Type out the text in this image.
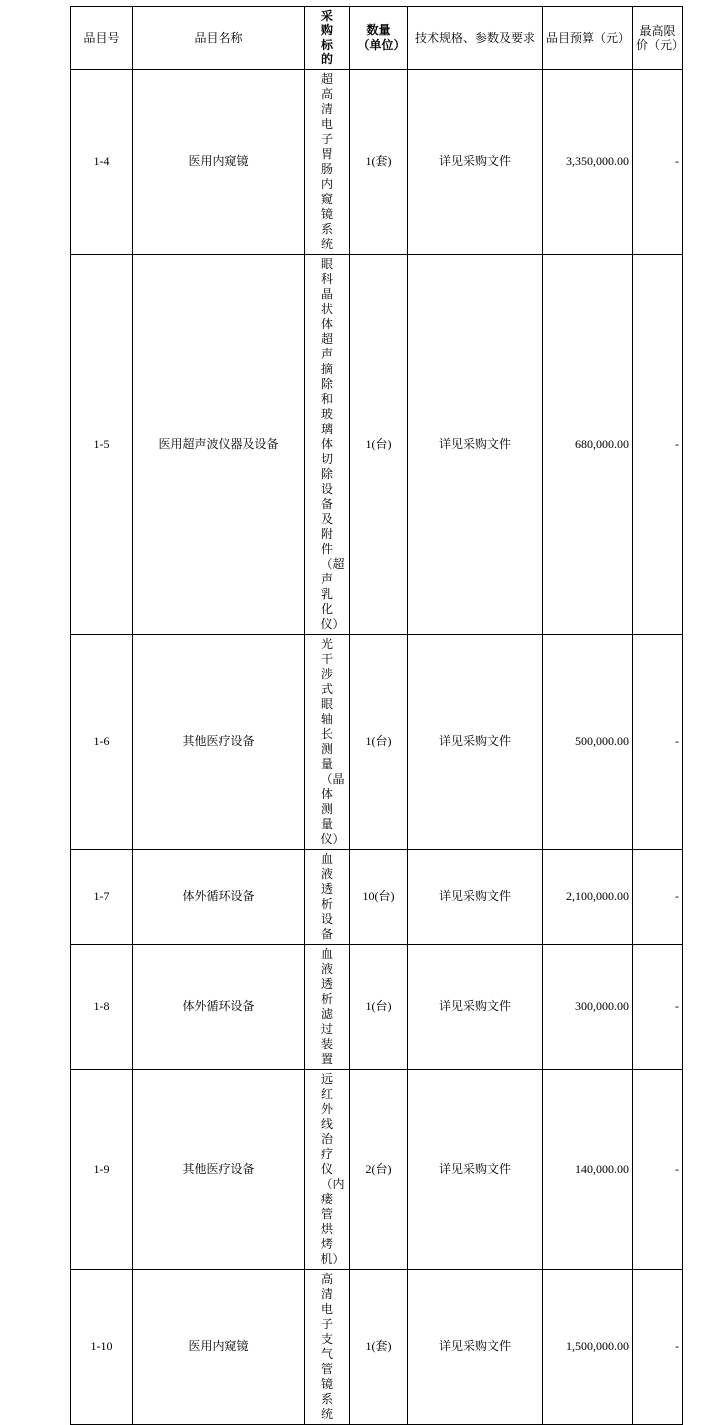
品目号	品目名称	采购标的	数量（单位）	技术规格、参数及要求	品目预算（元）	最高限价（元）
1-4	医用内窥镜	超高清电子胃肠内窥镜系统	1(套)	详见采购文件	3,350,000.00	-
1-5	医用超声波仪器及设备	眼科晶状体超声摘除和玻璃体切除设备及附件（超声乳化仪）	1(台)	详见采购文件	680,000.00	-
1-6	其他医疗设备	光干涉式眼轴长测量（晶体测量仪）	1(台)	详见采购文件	500,000.00	-
1-7	体外循环设备	血液透析设备	10(台)	详见采购文件	2,100,000.00	-
1-8	体外循环设备	血液透析滤过装置	1(台)	详见采购文件	300,000.00	-
1-9	其他医疗设备	远红外线治疗仪（内瘘管烘烤机）	2(台)	详见采购文件	140,000.00	-
1-10	医用内窥镜	高清电子支气管镜系统	1(套)	详见采购文件	1,500,000.00	-
